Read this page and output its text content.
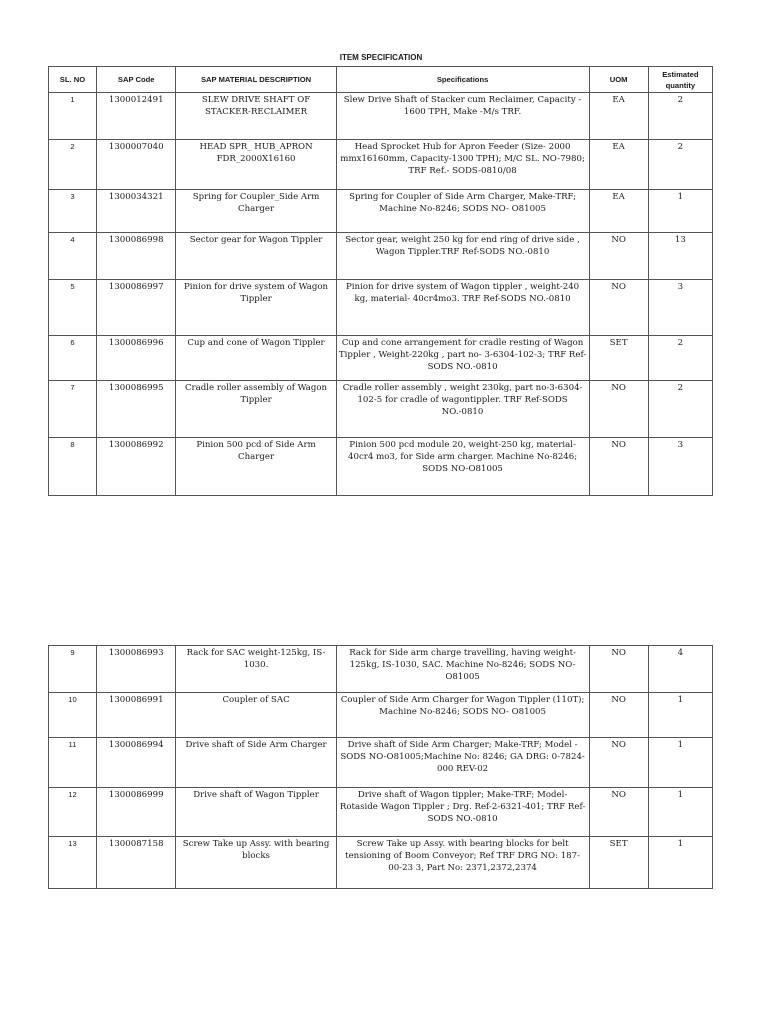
ITEM SPECIFICATION
SL. NO	SAP Code	SAP MATERIAL DESCRIPTION	Specifications	UOM	Estimated quantity
1	1300012491	SLEW DRIVE SHAFT OF STACKER-RECLAIMER	Slew Drive Shaft of Stacker cum Reclaimer, Capacity - 1600 TPH, Make -M/s TRF.	EA	2
2	1300007040	HEAD SPR_ HUB_APRON FDR_2000X16160	Head Sprocket Hub for Apron Feeder (Size- 2000 mmx16160mm, Capacity-1300 TPH); M/C SL. NO-7980; TRF Ref.- SODS-0810/08	EA	2
3	1300034321	Spring for Coupler_Side Arm Charger	Spring for Coupler of Side Arm Charger, Make-TRF; Machine No-8246; SODS NO- O81005	EA	1
4	1300086998	Sector gear for Wagon Tippler	Sector gear, weight 250 kg for end ring of drive side , Wagon Tippler.TRF Ref-SODS NO.-0810	NO	13
5	1300086997	Pinion for drive system of Wagon Tippler	Pinion for drive system of Wagon tippler , weight-240 kg, material- 40cr4mo3. TRF Ref-SODS NO.-0810	NO	3
6	1300086996	Cup and cone of Wagon Tippler	Cup and cone arrangement for cradle resting of Wagon Tippler , Weight-220kg , part no- 3-6304-102-3; TRF Ref-SODS NO.-0810	SET	2
7	1300086995	Cradle roller assembly of Wagon Tippler	Cradle roller assembly , weight 230kg, part no-3-6304-102-5 for cradle of wagontippler. TRF Ref-SODS NO.-0810	NO	2
8	1300086992	Pinion 500 pcd of Side Arm Charger	Pinion 500 pcd module 20, weight-250 kg, material- 40cr4 mo3, for Side arm charger. Machine No-8246; SODS NO-O81005	NO	3
9	1300086993	Rack for SAC weight-125kg, IS-1030.	Rack for Side arm charge travelling, having weight-125kg, IS-1030, SAC. Machine No-8246; SODS NO- O81005	NO	4
10	1300086991	Coupler of SAC	Coupler of Side Arm Charger for Wagon Tippler (110T); Machine No-8246; SODS NO- O81005	NO	1
11	1300086994	Drive shaft of Side Arm Charger	Drive shaft of Side Arm Charger; Make-TRF; Model -SODS NO-O81005;Machine No: 8246; GA DRG: 0-7824-000 REV-02	NO	1
12	1300086999	Drive shaft of Wagon Tippler	Drive shaft of Wagon tippler; Make-TRF; Model- Rotaside Wagon Tippler ; Drg. Ref-2-6321-401; TRF Ref-SODS NO.-0810	NO	1
13	1300087158	Screw Take up Assy. with bearing blocks	Screw Take up Assy. with bearing blocks for belt tensioning of Boom Conveyor; Ref TRF DRG NO: 187-00-23 3, Part No: 2371,2372,2374	SET	1
